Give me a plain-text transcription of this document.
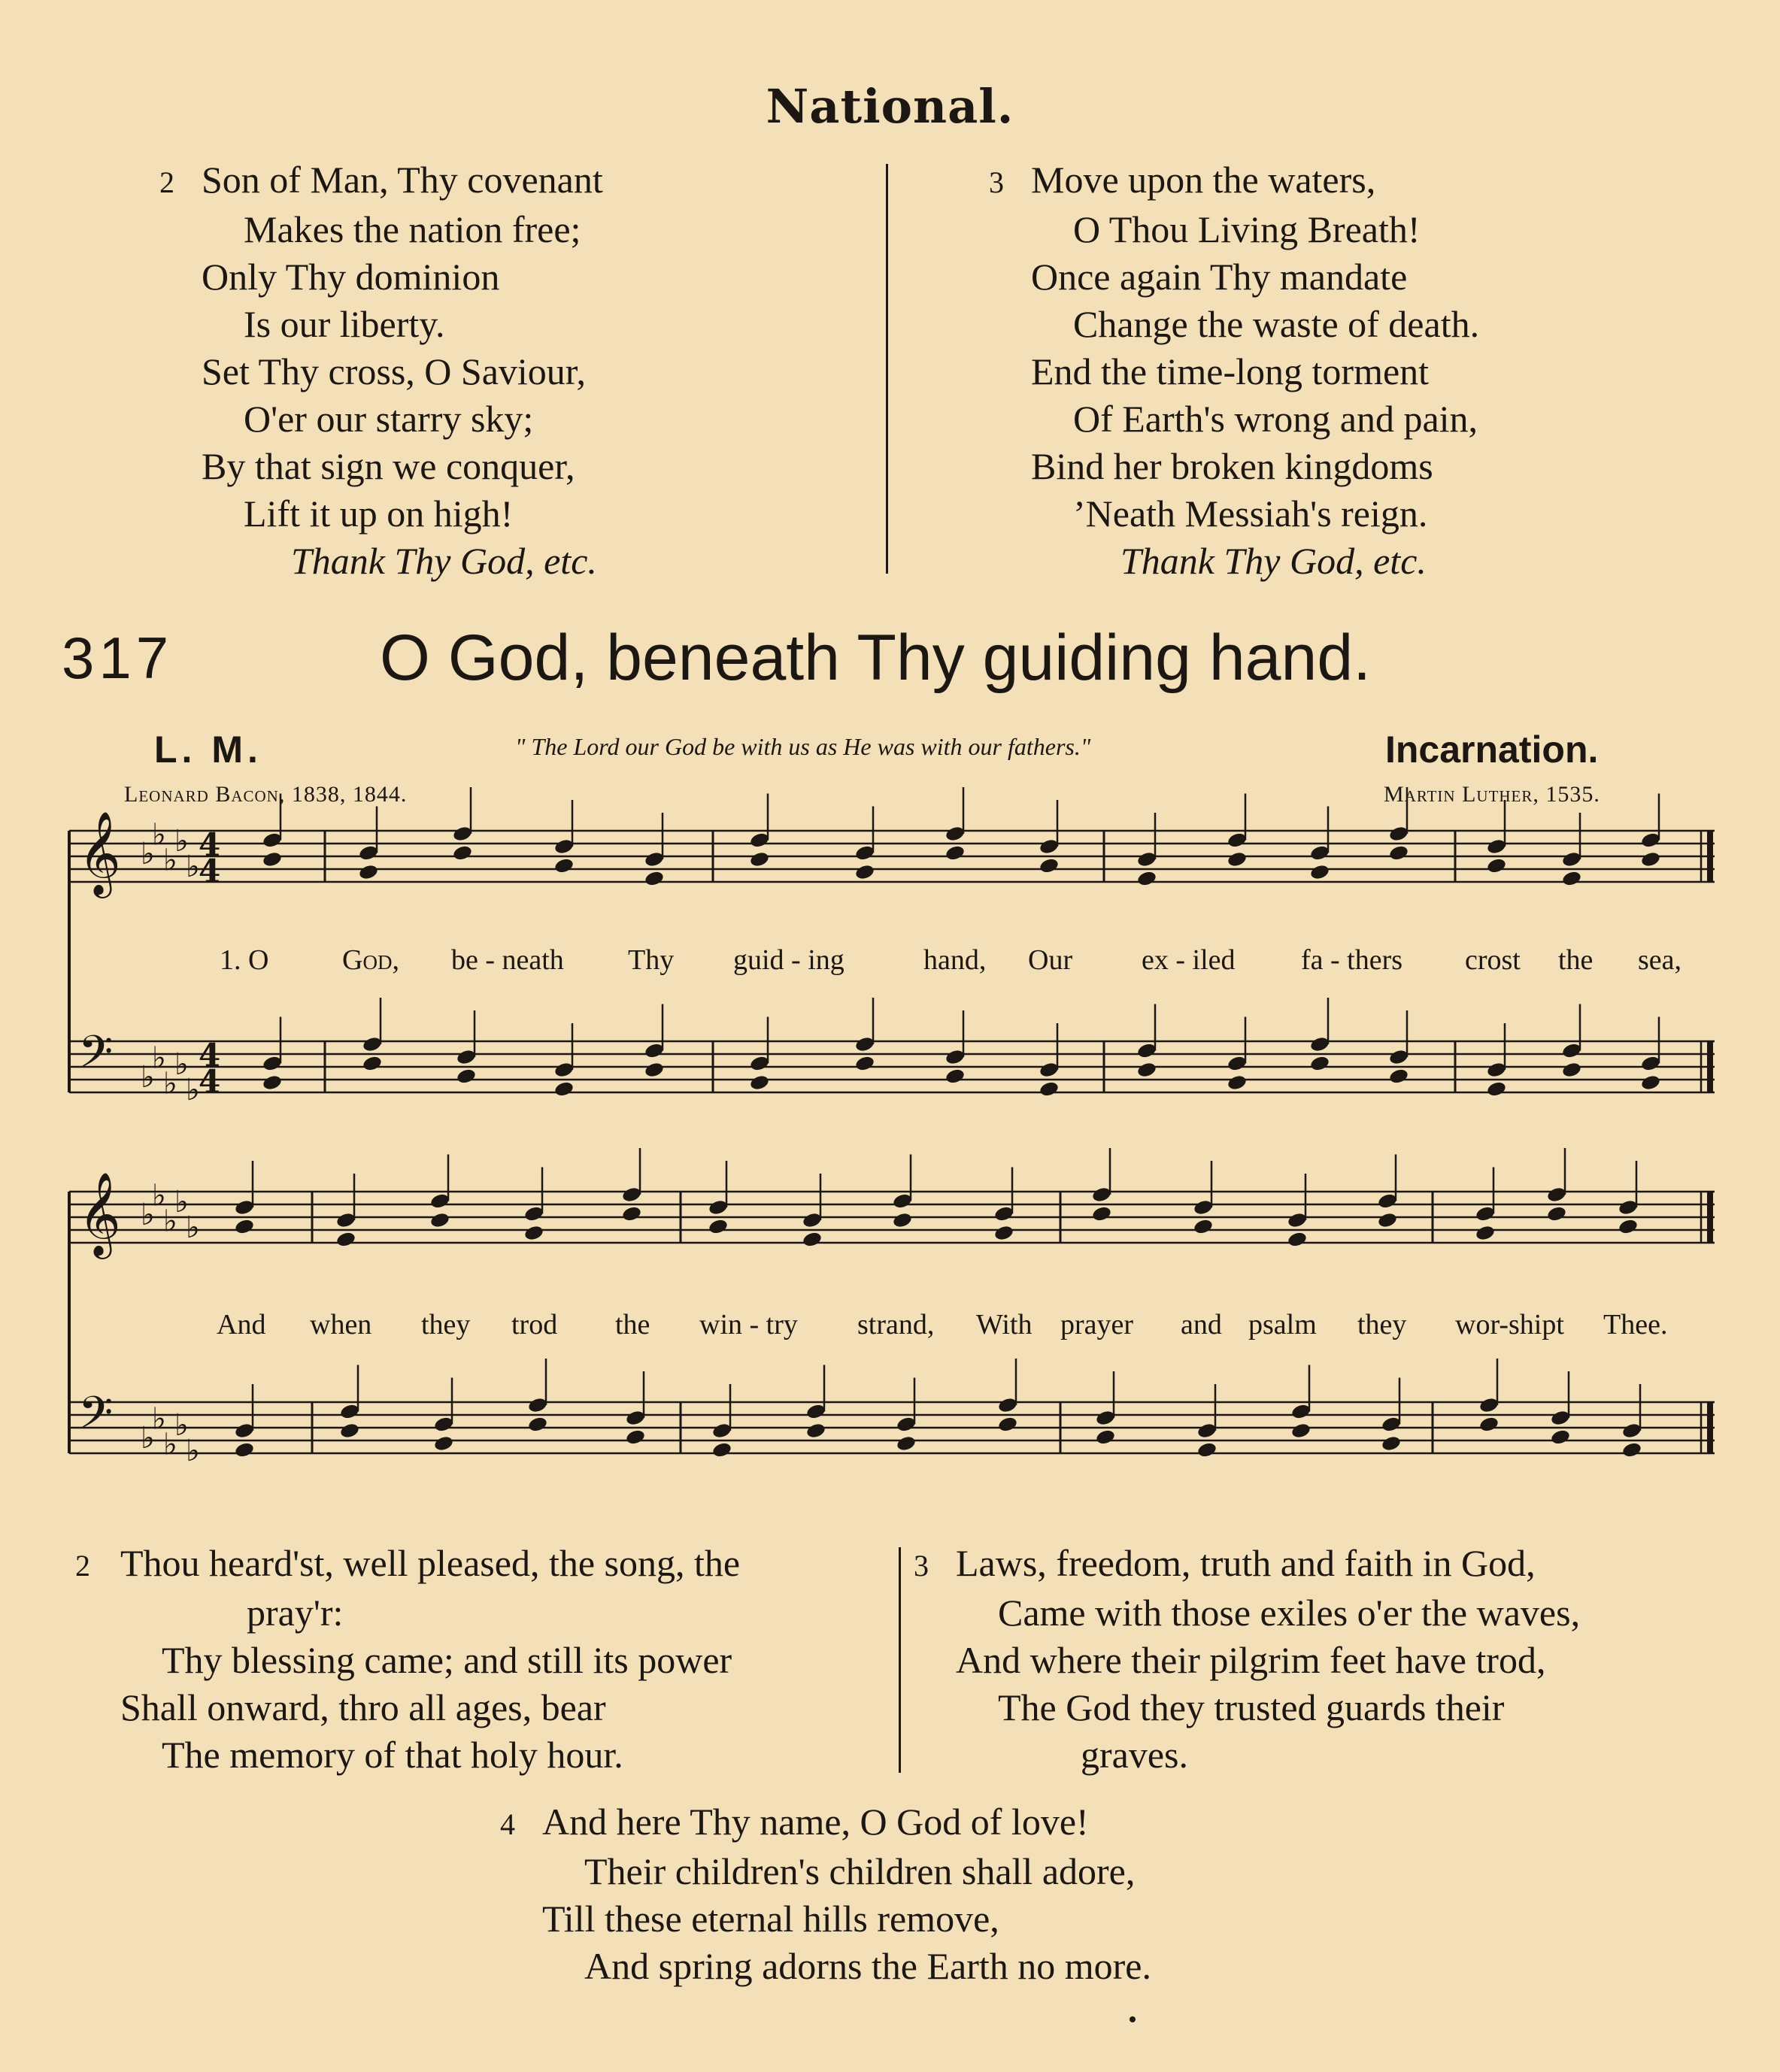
National.
2 Son of Man, Thy covenant
Makes the nation free;
Only Thy dominion
Is our liberty.
Set Thy cross, O Saviour,
O'er our starry sky;
By that sign we conquer,
Lift it up on high!
Thank Thy God, etc.
3 Move upon the waters,
O Thou Living Breath!
Once again Thy mandate
Change the waste of death.
End the time-long torment
Of Earth's wrong and pain,
Bind her broken kingdoms
’Neath Messiah's reign.
Thank Thy God, etc.
317	O God, beneath Thy guiding hand.
L. M.	" The Lord our God be with us as He was with our fathers."	Incarnation.
Leonard Bacon, 1838, 1844.	Martin Luther, 1535.
𝄞 ♭
♭
♭
♭
♭
4
4
𝄢 ♭
♭
♭
♭
♭
4
4
𝄞 ♭
♭
♭
♭
♭
𝄢 ♭
♭
♭
♭
♭
1. O	God, be - neath Thy guid - ing	hand, Our ex - iled fa - thers crost the sea,
And when they trod the win - try strand, With prayer and psalm they wor-shipt Thee.
2 Thou heard'st, well pleased, the song, the
pray'r:
Thy blessing came; and still its power
Shall onward, thro all ages, bear
The memory of that holy hour.
3 Laws, freedom, truth and faith in God,
Came with those exiles o'er the waves,
And where their pilgrim feet have trod,
The God they trusted guards their
graves.
4 And here Thy name, O God of love!
Their children's children shall adore,
Till these eternal hills remove,
And spring adorns the Earth no more.
